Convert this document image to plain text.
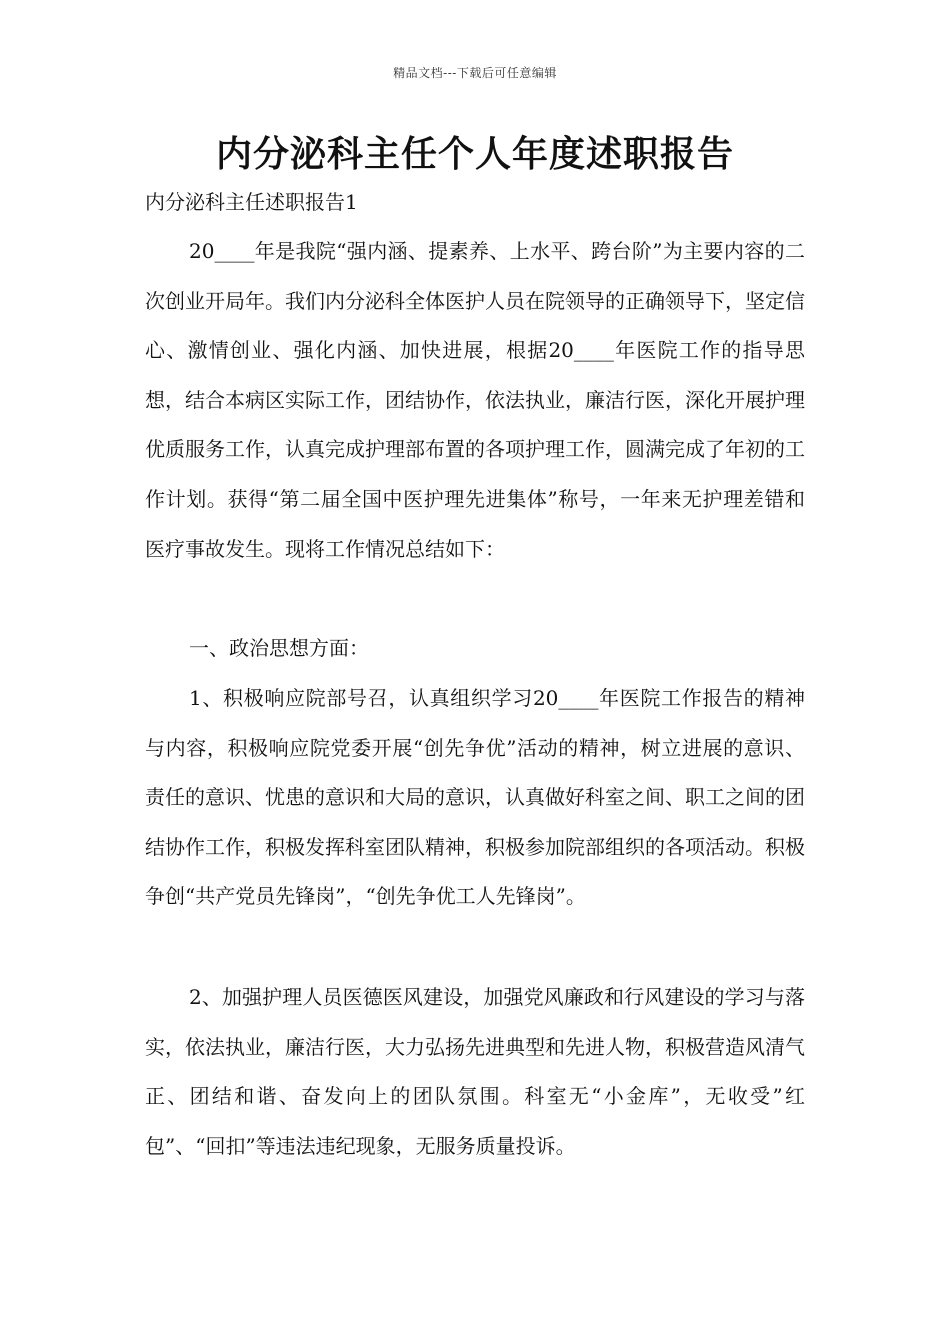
精品文档---下载后可任意编辑
内分泌科主任个人年度述职报告

内分泌科主任述职报告1

20____年是我院“强内涵、提素养、上水平、跨台阶”为主要内容的二次创业开局年。我们内分泌科全体医护人员在院领导的正确领导下，坚定信心、激情创业、强化内涵、加快进展，根据20____年医院工作的指导思想，结合本病区实际工作，团结协作，依法执业，廉洁行医，深化开展护理优质服务工作，认真完成护理部布置的各项护理工作，圆满完成了年初的工作计划。获得“第二届全国中医护理先进集体”称号，一年来无护理差错和医疗事故发生。现将工作情况总结如下：

一、政治思想方面：

1、积极响应院部号召，认真组织学习20____年医院工作报告的精神与内容，积极响应院党委开展“创先争优”活动的精神，树立进展的意识、责任的意识、忧患的意识和大局的意识，认真做好科室之间、职工之间的团结协作工作，积极发挥科室团队精神，积极参加院部组织的各项活动。积极争创“共产党员先锋岗”，“创先争优工人先锋岗”。

2、加强护理人员医德医风建设，加强党风廉政和行风建设的学习与落实，依法执业，廉洁行医，大力弘扬先进典型和先进人物，积极营造风清气正、团结和谐、奋发向上的团队氛围。科室无“小金库”，无收受”红包”、“回扣”等违法违纪现象，无服务质量投诉。
